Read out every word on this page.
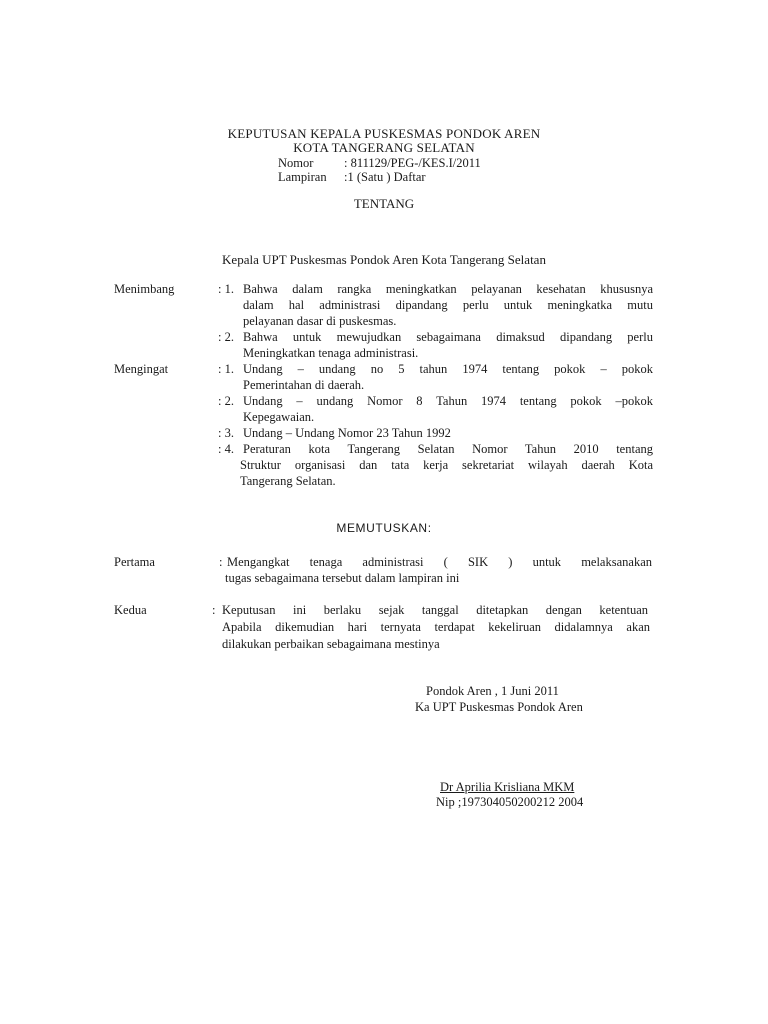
KEPUTUSAN KEPALA PUSKESMAS PONDOK AREN
KOTA TANGERANG SELATAN
Nomor : 811129/PEG-/KES.I/2011
Lampiran :1 (Satu ) Daftar
TENTANG
Kepala UPT Puskesmas Pondok Aren Kota Tangerang Selatan
Menimbang	: 1. Bahwa dalam rangka meningkatkan pelayanan kesehatan khususnya
dalam hal administrasi dipandang perlu untuk meningkatka mutu
pelayanan dasar di puskesmas.
: 2. Bahwa untuk mewujudkan sebagaimana dimaksud dipandang perlu
Meningkatkan tenaga administrasi.
Mengingat	: 1. Undang – undang no 5 tahun 1974 tentang pokok – pokok
Pemerintahan di daerah.
: 2. Undang – undang Nomor 8 Tahun 1974 tentang pokok –pokok
Kepegawaian.
: 3. Undang – Undang Nomor 23 Tahun 1992
: 4. Peraturan kota Tangerang Selatan Nomor Tahun 2010 tentang
Struktur organisasi dan tata kerja sekretariat wilayah daerah Kota
Tangerang Selatan.
MEMUTUSKAN:
Pertama	: Mengangkat tenaga administrasi ( SIK ) untuk melaksanakan
tugas sebagaimana tersebut dalam lampiran ini
Kedua	: Keputusan ini berlaku sejak tanggal ditetapkan dengan ketentuan
Apabila dikemudian hari ternyata terdapat kekeliruan didalamnya akan
dilakukan perbaikan sebagaimana mestinya
Pondok Aren , 1 Juni 2011
Ka UPT Puskesmas Pondok Aren
Dr Aprilia Krisliana MKM
Nip ;197304050200212 2004
